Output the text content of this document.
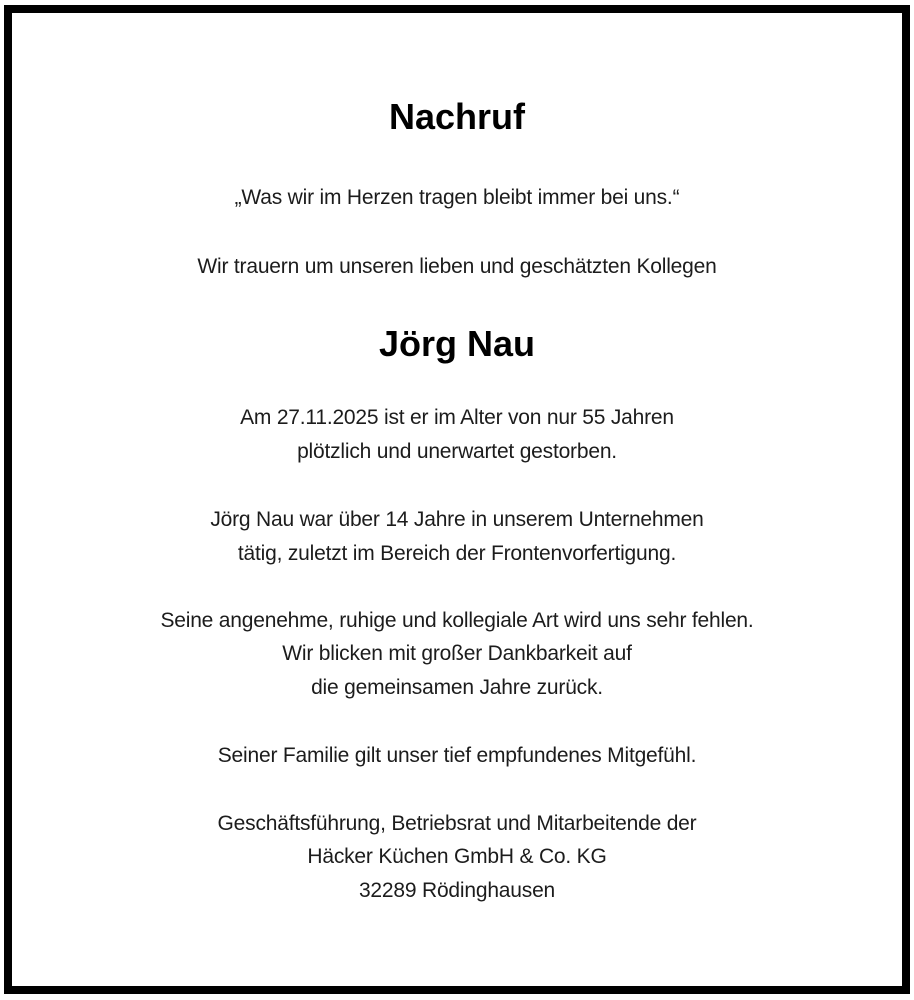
Nachruf
„Was wir im Herzen tragen bleibt immer bei uns.“
Wir trauern um unseren lieben und geschätzten Kollegen
Jörg Nau
Am 27.11.2025 ist er im Alter von nur 55 Jahren
plötzlich und unerwartet gestorben.
Jörg Nau war über 14 Jahre in unserem Unternehmen
tätig, zuletzt im Bereich der Frontenvorfertigung.
Seine angenehme, ruhige und kollegiale Art wird uns sehr fehlen.
Wir blicken mit großer Dankbarkeit auf
die gemeinsamen Jahre zurück.
Seiner Familie gilt unser tief empfundenes Mitgefühl.
Geschäftsführung, Betriebsrat und Mitarbeitende der
Häcker Küchen GmbH & Co. KG
32289 Rödinghausen
